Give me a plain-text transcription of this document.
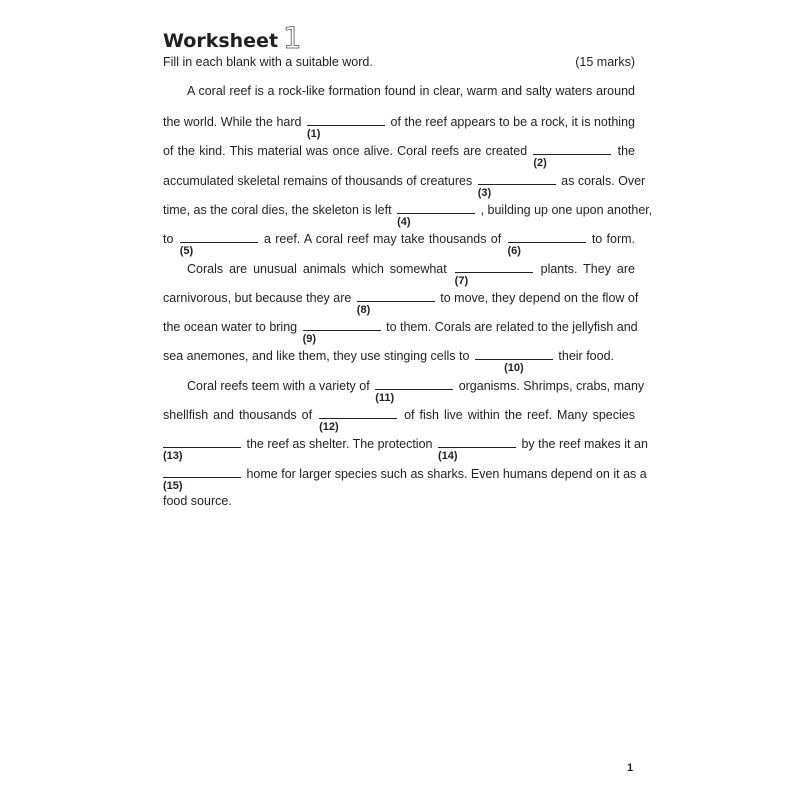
Worksheet 1
Fill in each blank with a suitable word.	(15 marks)
A coral reef is a rock-like formation found in clear, warm and salty waters around
the world. While the hard
(1)
of the reef appears to be a rock, it is nothing
of the kind. This material was once alive. Coral reefs are created
(2)
the
accumulated skeletal remains of thousands of creatures
(3)
as corals. Over
time, as the coral dies, the skeleton is left
(4)
, building up one upon another,
to
(5)
a reef. A coral reef may take thousands of
(6)
to form.
Corals are unusual animals which somewhat
(7)
plants. They are
carnivorous, but because they are
(8)
to move, they depend on the flow of
the ocean water to bring
(9)
to them. Corals are related to the jellyfish and
sea anemones, and like them, they use stinging cells to
(10)
their food.
Coral reefs teem with a variety of
(11)
organisms. Shrimps, crabs, many
shellfish and thousands of
(12)
of fish live within the reef. Many species
(13)
the reef as shelter. The protection
(14)
by the reef makes it an
(15)
home for larger species such as sharks. Even humans depend on it as a
food source.
1
